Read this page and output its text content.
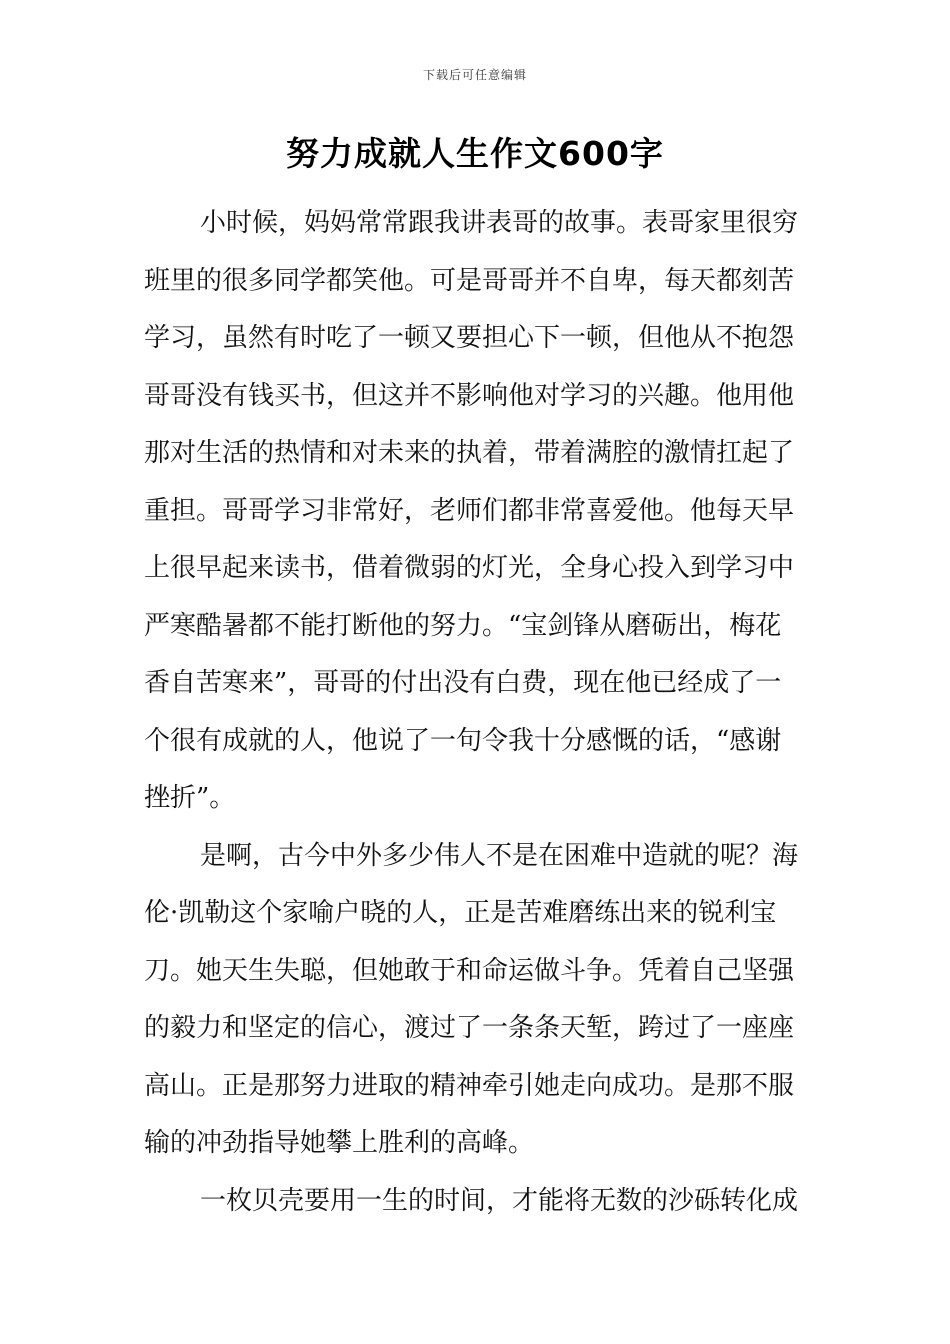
下载后可任意编辑
努力成就人生作文600字
小时候，妈妈常常跟我讲表哥的故事。表哥家里很穷
班里的很多同学都笑他。可是哥哥并不自卑，每天都刻苦
学习，虽然有时吃了一顿又要担心下一顿，但他从不抱怨
哥哥没有钱买书，但这并不影响他对学习的兴趣。他用他
那对生活的热情和对未来的执着，带着满腔的激情扛起了
重担。哥哥学习非常好，老师们都非常喜爱他。他每天早
上很早起来读书，借着微弱的灯光，全身心投入到学习中
严寒酷暑都不能打断他的努力。“宝剑锋从磨砺出，梅花
香自苦寒来”，哥哥的付出没有白费，现在他已经成了一
个很有成就的人，他说了一句令我十分感慨的话，“感谢
挫折”。
是啊，古今中外多少伟人不是在困难中造就的呢？海
伦·凯勒这个家喻户晓的人，正是苦难磨练出来的锐利宝
刀。她天生失聪，但她敢于和命运做斗争。凭着自己坚强
的毅力和坚定的信心，渡过了一条条天堑，跨过了一座座
高山。正是那努力进取的精神牵引她走向成功。是那不服
输的冲劲指导她攀上胜利的高峰。
一枚贝壳要用一生的时间，才能将无数的沙砾转化成
